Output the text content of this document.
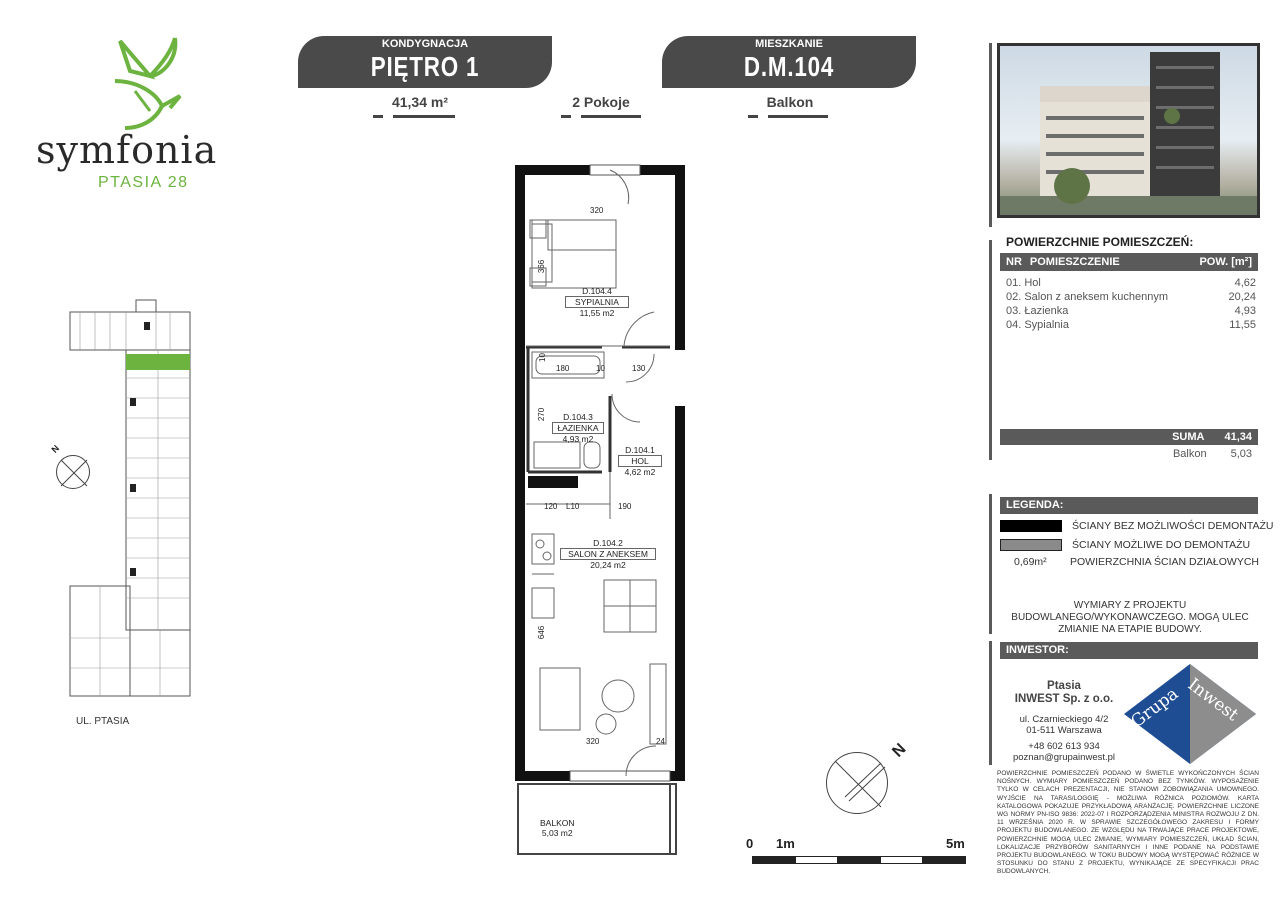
symfonia
PTASIA 28
KONDYGNACJA
PIĘTRO 1
MIESZKANIE
D.M.104
41,34 m²	2 Pokoje	Balkon
UL. PTASIA
N
D.104.4
SYPIALNIA
11,55 m2
D.104.3
ŁAZIENKA
4,93 m2
D.104.1
HOL
4,62 m2
D.104.2
SALON Z ANEKSEM
20,24 m2
BALKON
5,03 m2
320
366
10
180	10	130
270
120 L10	190
646
320	24	N
0 1m	5m
POWIERZCHNIE POMIESZCZEŃ:
NR POMIESZCZENIE	POW. [m²]
01. Hol	4,62
02. Salon z aneksem kuchennym	20,24
03. Łazienka	4,93
04. Sypialnia	11,55
SUMA 41,34
Balkon 5,03
LEGENDA:
ŚCIANY BEZ MOŻLIWOŚCI DEMONTAŻU
ŚCIANY MOŻLIWE DO DEMONTAŻU
0,69m²	POWIERZCHNIA ŚCIAN DZIAŁOWYCH
WYMIARY Z PROJEKTU BUDOWLANEGO/WYKONAWCZEGO. MOGĄ ULEC ZMIANIE NA ETAPIE BUDOWY.
INWESTOR:
Ptasia
INWEST Sp. z o.o.
ul. Czarnieckiego 4/2
01-511 Warszawa
+48 602 613 934
poznan@grupainwest.pl
Grupa Inwest
POWIERZCHNIE POMIESZCZEŃ PODANO W ŚWIETLE WYKOŃCZONYCH ŚCIAN NOŚNYCH. WYMIARY POMIESZCZEŃ PODANO BEZ TYNKÓW. WYPOSAŻENIE TYLKO W CELACH PREZENTACJI, NIE STANOWI ZOBOWIĄZANIA UMOWNEGO. WYJŚCIE NA TARAS/LOGGIĘ - MOŻLIWA RÓŻNICA POZIOMÓW. KARTA KATALOGOWA POKAZUJE PRZYKŁADOWĄ ARANŻACJĘ. POWIERZCHNIE LICZONE WG NORMY PN-ISO 9836: 2022-07 I ROZPORZĄDZENIA MINISTRA ROZWOJU Z DN. 11 WRZEŚNIA 2020 R. W SPRAWIE SZCZEGÓŁOWEGO ZAKRESU I FORMY PROJEKTU BUDOWLANEGO. ZE WZGLĘDU NA TRWAJĄCE PRACE PROJEKTOWE, POWIERZCHNIE MOGĄ ULEC ZMIANIE, WYMIARY POMIESZCZEŃ, UKŁAD ŚCIAN, LOKALIZACJE PRZYBORÓW SANITARNYCH I INNE PODANE NA PODSTAWIE PROJEKTU BUDOWLANEGO. W TOKU BUDOWY MOGĄ WYSTĘPOWAĆ RÓŻNICE W STOSUNKU DO STANU Z PROJEKTU, WYNIKAJĄCE ZE SPECYFIKACJI PRAC BUDOWLANYCH.
